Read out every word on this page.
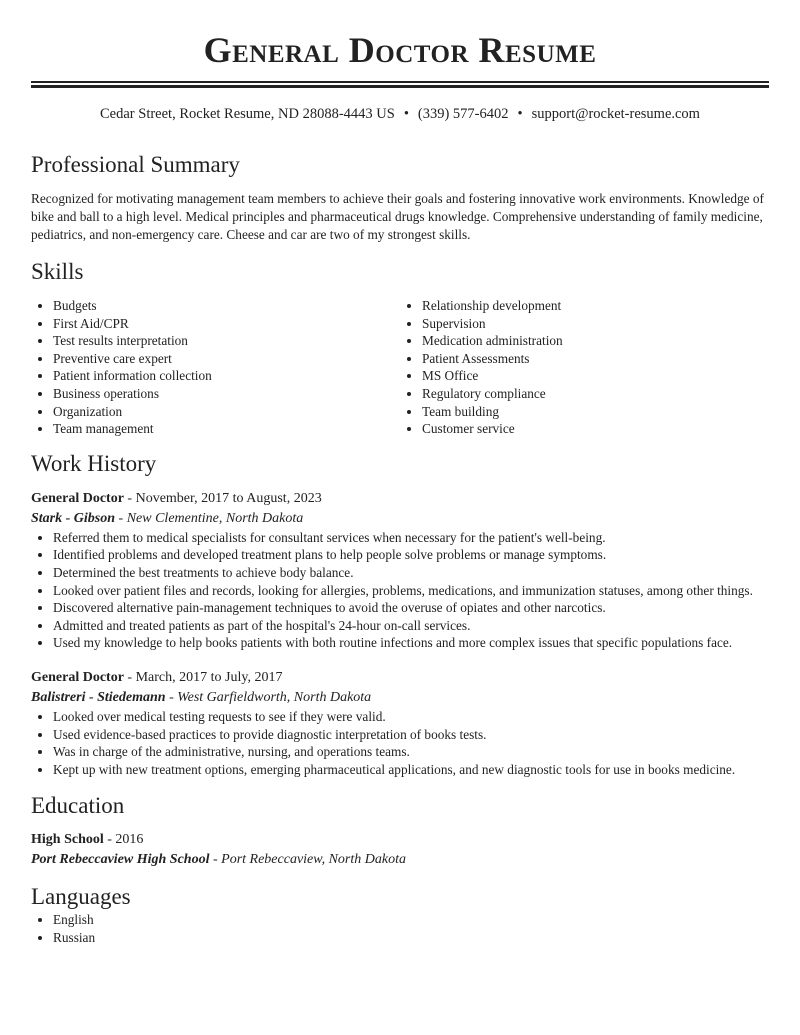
General Doctor Resume
Cedar Street, Rocket Resume, ND 28088-4443 US • (339) 577-6402 • support@rocket-resume.com
Professional Summary

Recognized for motivating management team members to achieve their goals and fostering innovative work environments. Knowledge of bike and ball to a high level. Medical principles and pharmaceutical drugs knowledge. Comprehensive understanding of family medicine, pediatrics, and non-emergency care. Cheese and car are two of my strongest skills.

Skills
• Budgets
• First Aid/CPR
• Test results interpretation
• Preventive care expert
• Patient information collection
• Business operations
• Organization
• Team management
• Relationship development
• Supervision
• Medication administration
• Patient Assessments
• MS Office
• Regulatory compliance
• Team building
• Customer service
Work History
General Doctor - November, 2017 to August, 2023
Stark - Gibson - New Clementine, North Dakota
• Referred them to medical specialists for consultant services when necessary for the patient's well-being.
• Identified problems and developed treatment plans to help people solve problems or manage symptoms.
• Determined the best treatments to achieve body balance.
• Looked over patient files and records, looking for allergies, problems, medications, and immunization statuses, among other things.
• Discovered alternative pain-management techniques to avoid the overuse of opiates and other narcotics.
• Admitted and treated patients as part of the hospital's 24-hour on-call services.
• Used my knowledge to help books patients with both routine infections and more complex issues that specific populations face.
General Doctor - March, 2017 to July, 2017
Balistreri - Stiedemann - West Garfieldworth, North Dakota
• Looked over medical testing requests to see if they were valid.
• Used evidence-based practices to provide diagnostic interpretation of books tests.
• Was in charge of the administrative, nursing, and operations teams.
• Kept up with new treatment options, emerging pharmaceutical applications, and new diagnostic tools for use in books medicine.
Education
High School - 2016
Port Rebeccaview High School - Port Rebeccaview, North Dakota
Languages
• English
• Russian
